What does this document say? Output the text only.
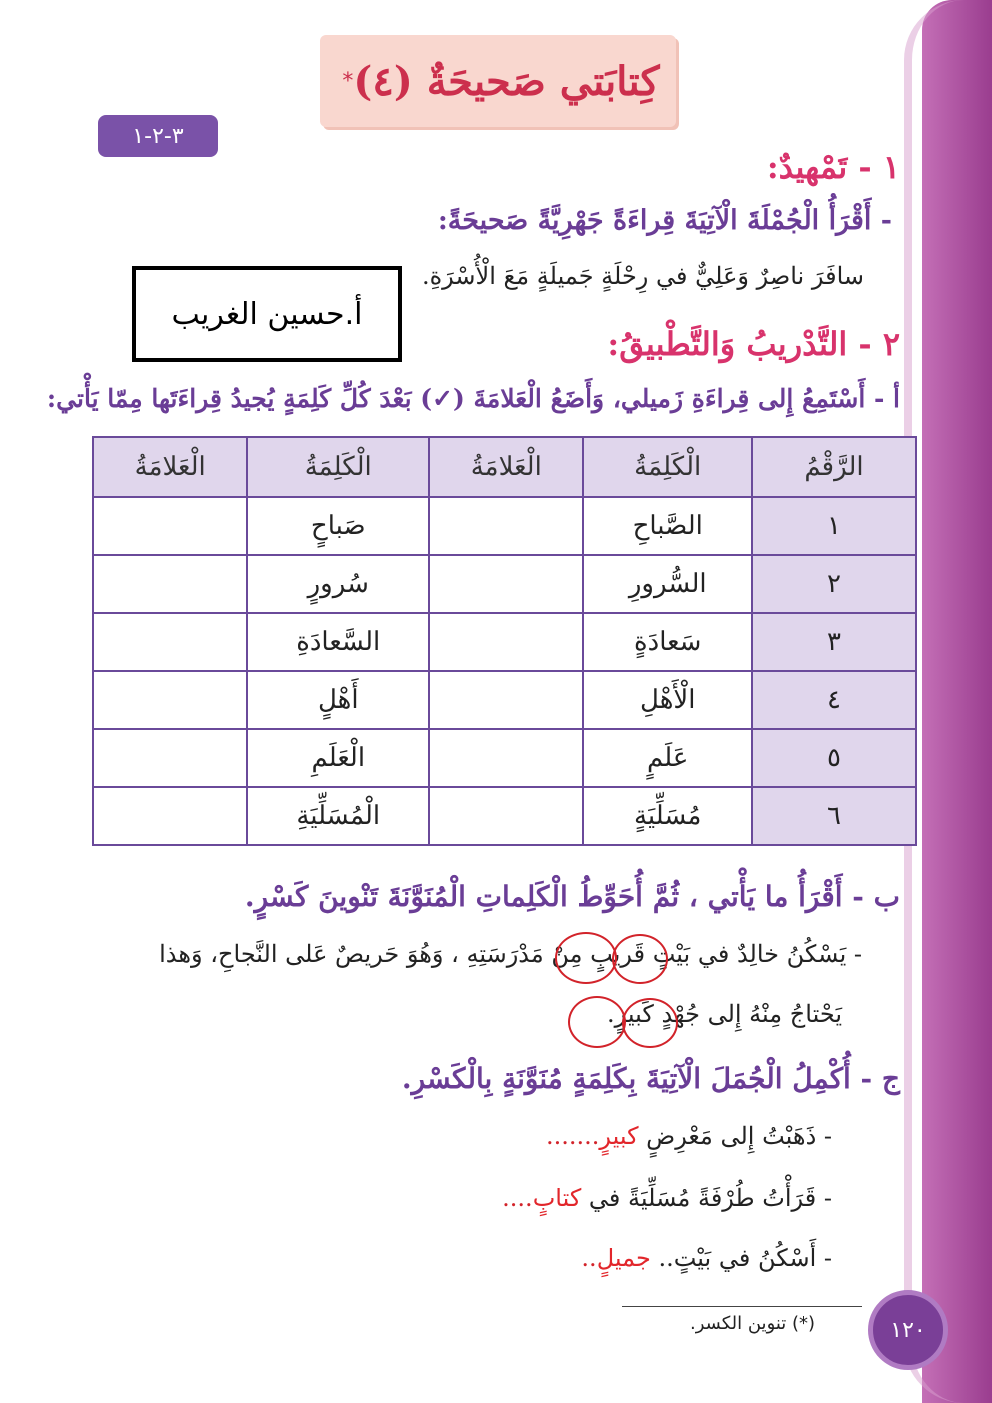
كِتابَتي صَحيحَةٌ (٤)
*
٣-٢-١
١ - تَمْهيدٌ:
- أَقْرَأُ الْجُمْلَةَ الْآتِيَةَ قِراءَةً جَهْرِيَّةً صَحيحَةً:
سافَرَ ناصِرٌ وَعَلِيٌّ في رِحْلَةٍ جَميلَةٍ مَعَ الْأُسْرَةِ.
أ.حسين الغريب
٢ - التَّدْريبُ وَالتَّطْبيقُ:
أ - أَسْتَمِعُ إِلى قِراءَةِ زَميلي، وَأَضَعُ الْعَلامَةَ (✓) بَعْدَ كُلِّ كَلِمَةٍ يُجيدُ قِراءَتَها مِمّا يَأْتي:
الرَّقْمُ	الْكَلِمَةُ	الْعَلامَةُ	الْكَلِمَةُ	الْعَلامَةُ
١	الصَّباحِ		صَباحٍ	
٢	السُّرورِ		سُرورٍ	
٣	سَعادَةٍ		السَّعادَةِ	
٤	الْأَهْلِ		أَهْلٍ	
٥	عَلَمٍ		الْعَلَمِ	
٦	مُسَلِّيَةٍ		الْمُسَلِّيَةِ	
ب - أَقْرَأُ ما يَأْتي ، ثُمَّ أُحَوِّطُ الْكَلِماتِ الْمُنَوَّنَةَ تَنْوينَ كَسْرٍ.
- يَسْكُنُ خالِدٌ في بَيْتٍ قَريبٍ مِنْ مَدْرَسَتِهِ ، وَهُوَ حَريصٌ عَلى النَّجاحِ، وَهذا
يَحْتاجُ مِنْهُ إِلى جُهْدٍ كَبيرٍ.
ج - أُكْمِلُ الْجُمَلَ الْآتِيَةَ بِكَلِمَةٍ مُنَوَّنَةٍ بِالْكَسْرِ.
- ذَهَبْتُ إِلى مَعْرِضٍ كبيرٍ.......
- قَرَأْتُ طُرْفَةً مُسَلِّيَةً في كتابٍ....
- أَسْكُنُ في بَيْتٍ.. جميلٍ..
(*) تنوين الكسر.	١٢٠
